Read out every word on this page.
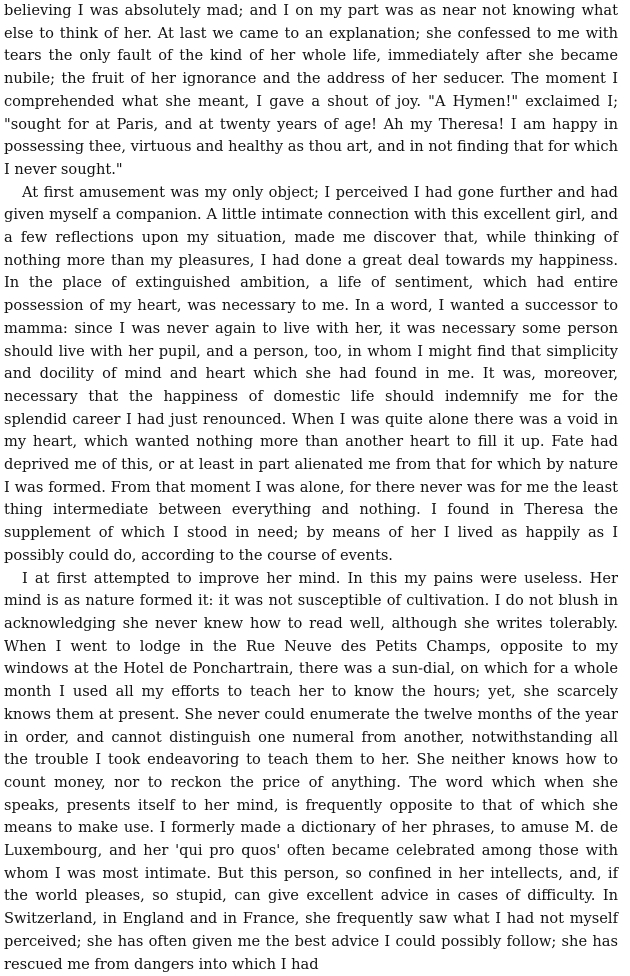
believing I was absolutely mad; and I on my part was as near not knowing what else to think of her. At last we came to an explanation; she confessed to me with tears the only fault of the kind of her whole life, immediately after she became nubile; the fruit of her ignorance and the address of her seducer. The moment I comprehended what she meant, I gave a shout of joy. "A Hymen!" exclaimed I; "sought for at Paris, and at twenty years of age! Ah my Theresa! I am happy in possessing thee, virtuous and healthy as thou art, and in not finding that for which I never sought."

At first amusement was my only object; I perceived I had gone further and had given myself a companion. A little intimate connection with this excellent girl, and a few reflections upon my situation, made me discover that, while thinking of nothing more than my pleasures, I had done a great deal towards my happiness. In the place of extinguished ambition, a life of sentiment, which had entire possession of my heart, was necessary to me. In a word, I wanted a successor to mamma: since I was never again to live with her, it was necessary some person should live with her pupil, and a person, too, in whom I might find that simplicity and docility of mind and heart which she had found in me. It was, moreover, necessary that the happiness of domestic life should indemnify me for the splendid career I had just renounced. When I was quite alone there was a void in my heart, which wanted nothing more than another heart to fill it up. Fate had deprived me of this, or at least in part alienated me from that for which by nature I was formed. From that moment I was alone, for there never was for me the least thing intermediate between everything and nothing. I found in Theresa the supplement of which I stood in need; by means of her I lived as happily as I possibly could do, according to the course of events.

I at first attempted to improve her mind. In this my pains were useless. Her mind is as nature formed it: it was not susceptible of cultivation. I do not blush in acknowledging she never knew how to read well, although she writes tolerably. When I went to lodge in the Rue Neuve des Petits Champs, opposite to my windows at the Hotel de Ponchartrain, there was a sun-dial, on which for a whole month I used all my efforts to teach her to know the hours; yet, she scarcely knows them at present. She never could enumerate the twelve months of the year in order, and cannot distinguish one numeral from another, notwithstanding all the trouble I took endeavoring to teach them to her. She neither knows how to count money, nor to reckon the price of anything. The word which when she speaks, presents itself to her mind, is frequently opposite to that of which she means to make use. I formerly made a dictionary of her phrases, to amuse M. de Luxembourg, and her 'qui pro quos' often became celebrated among those with whom I was most intimate. But this person, so confined in her intellects, and, if the world pleases, so stupid, can give excellent advice in cases of difficulty. In Switzerland, in England and in France, she frequently saw what I had not myself perceived; she has often given me the best advice I could possibly follow; she has rescued me from dangers into which I had
